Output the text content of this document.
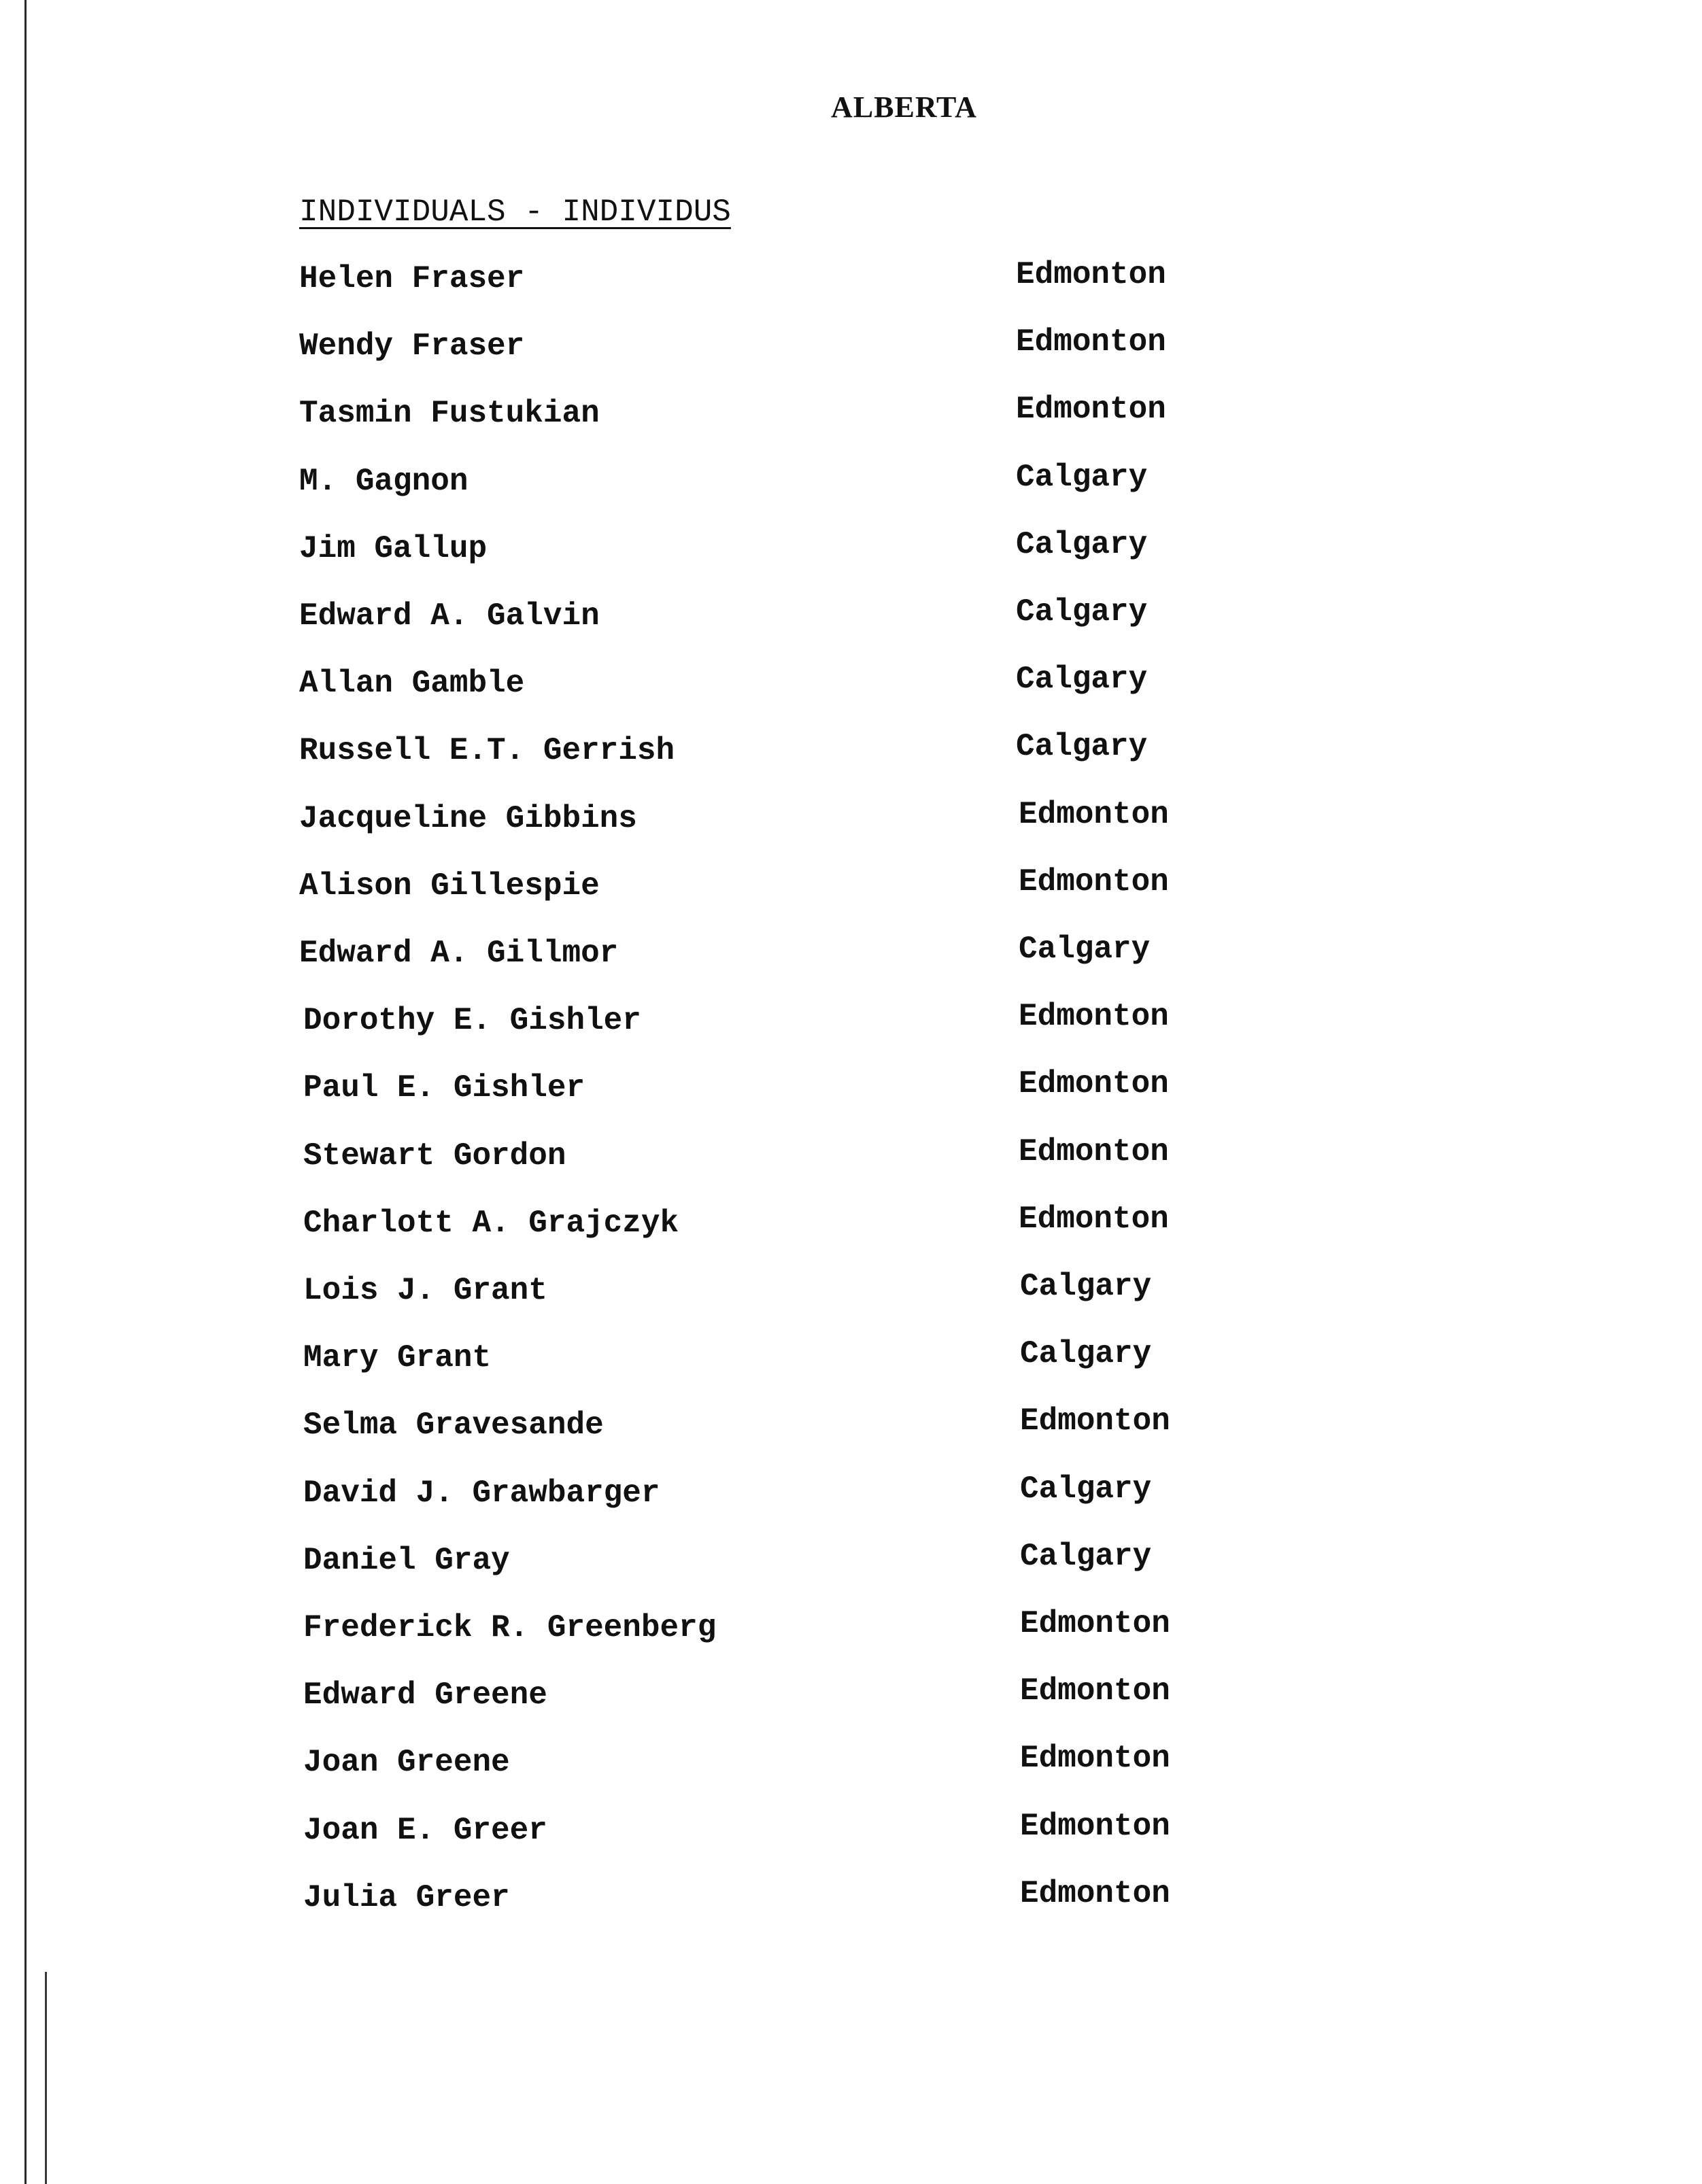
ALBERTA
INDIVIDUALS - INDIVIDUS
Helen Fraser	Edmonton
Wendy Fraser	Edmonton
Tasmin Fustukian	Edmonton
M. Gagnon	Calgary
Jim Gallup	Calgary
Edward A. Galvin	Calgary
Allan Gamble	Calgary
Russell E.T. Gerrish	Calgary
Jacqueline Gibbins	Edmonton
Alison Gillespie	Edmonton
Edward A. Gillmor	Calgary
Dorothy E. Gishler	Edmonton
Paul E. Gishler	Edmonton
Stewart Gordon	Edmonton
Charlott A. Grajczyk	Edmonton
Lois J. Grant	Calgary
Mary Grant	Calgary
Selma Gravesande	Edmonton
David J. Grawbarger	Calgary
Daniel Gray	Calgary
Frederick R. Greenberg	Edmonton
Edward Greene	Edmonton
Joan Greene	Edmonton
Joan E. Greer	Edmonton
Julia Greer	Edmonton
